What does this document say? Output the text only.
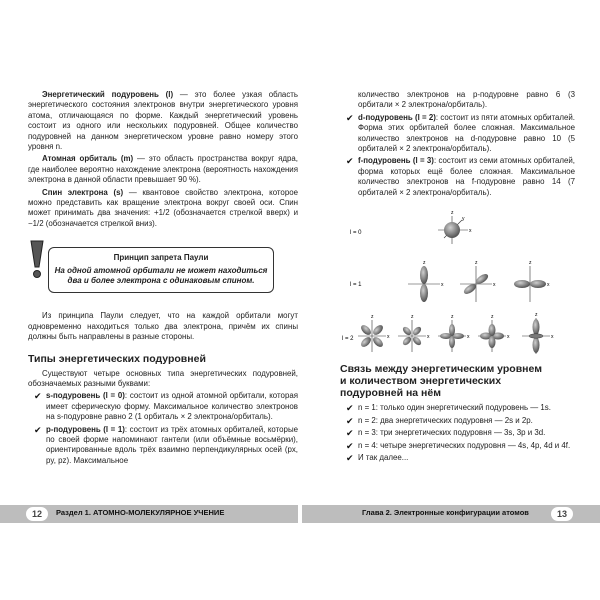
Энергетический подуровень (l) — это более узкая область энергетического состояния электронов внутри энергетического уровня атома, отличающаяся по форме. Каждый энергетический уровень состоит из одного или нескольких подуровней. Общее количество подуровней на данном энергетическом уровне равно номеру этого уровня n.

Атомная орбиталь (m) — это область пространства вокруг ядра, где наиболее вероятно нахождение электрона (вероятность нахождения электрона в данной области превышает 90 %).

Спин электрона (s) — квантовое свойство электрона, которое можно представить как вращение электрона вокруг своей оси. Спин может принимать два значения: +1/2 (обозначается стрелкой вверх) и −1/2 (обозначается стрелкой вниз).

Принцип запрета Паули
На одной атомной орбитали не может находиться
два и более электрона с одинаковым спином.

Из принципа Паули следует, что на каждой орбитали могут одновременно находиться только два электрона, причём их спины должны быть направлены в разные стороны.

Типы энергетических подуровней

Существуют четыре основных типа энергетических подуровней, обозначаемых разными буквами:

✔ s-подуровень (l = 0): состоит из одной атомной орбитали, которая имеет сферическую форму. Максимальное количество электронов на s-подуровне равно 2 (1 орбиталь × 2 электрона/орбиталь).

✔ p-подуровень (l = 1): состоит из трёх атомных орбиталей, которые по своей форме напоминают гантели (или объёмные восьмёрки), ориентированные вдоль трёх взаимно перпендикулярных осей (px, py, pz). Максимальное

количество электронов на p-подуровне равно 6 (3 орбитали × 2 электрона/орбиталь).

✔ d-подуровень (l = 2): состоит из пяти атомных орбиталей. Форма этих орбиталей более сложная. Максимальное количество электронов на d-подуровне равно 10 (5 орбиталей × 2 электрона/орбиталь).

✔ f-подуровень (l = 3): состоит из семи атомных орбиталей, форма которых ещё более сложная. Максимальное количество электронов на f-подуровне равно 14 (7 орбиталей × 2 электрона/орбиталь).

l = 0
z
y
x
l = 1
z
x
z
x
z
x
l = 2
z
x
z
x
z
x
z
x
z
x
Связь между энергетическим уровнем
и количеством энергетических
подуровней на нём

✔ n = 1: только один энергетический подуровень — 1s.

✔ n = 2: два энергетических подуровня — 2s и 2p.

✔ n = 3: три энергетических подуровня — 3s, 3p и 3d.

✔ n = 4: четыре энергетических подуровня — 4s, 4p, 4d и 4f.

✔ И так далее...

12	Раздел 1. АТОМНО-МОЛЕКУЛЯРНОЕ УЧЕНИЕ	Глава 2. Электронные конфигурации атомов	13
